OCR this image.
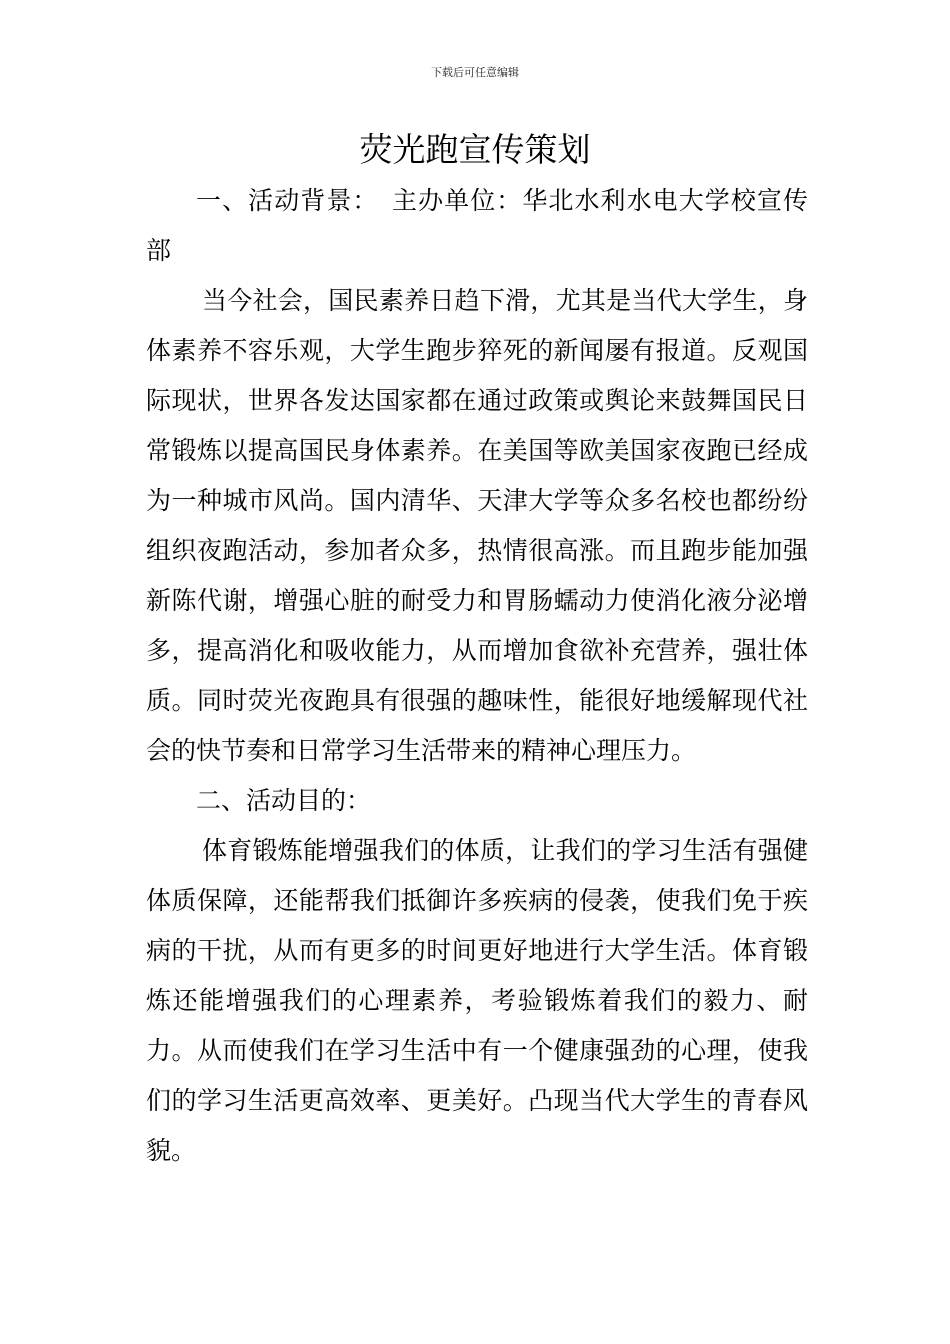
下载后可任意编辑
荧光跑宣传策划

一、活动背景：　主办单位：华北水利水电大学校宣传部

当今社会，国民素养日趋下滑，尤其是当代大学生，身体素养不容乐观，大学生跑步猝死的新闻屡有报道。反观国际现状，世界各发达国家都在通过政策或舆论来鼓舞国民日常锻炼以提高国民身体素养。在美国等欧美国家夜跑已经成为一种城市风尚。国内清华、天津大学等众多名校也都纷纷组织夜跑活动，参加者众多，热情很高涨。而且跑步能加强新陈代谢，增强心脏的耐受力和胃肠蠕动力使消化液分泌增多，提高消化和吸收能力，从而增加食欲补充营养，强壮体质。同时荧光夜跑具有很强的趣味性，能很好地缓解现代社会的快节奏和日常学习生活带来的精神心理压力。

二、活动目的：

体育锻炼能增强我们的体质，让我们的学习生活有强健体质保障，还能帮我们抵御许多疾病的侵袭，使我们免于疾病的干扰，从而有更多的时间更好地进行大学生活。体育锻炼还能增强我们的心理素养，考验锻炼着我们的毅力、耐力。从而使我们在学习生活中有一个健康强劲的心理，使我们的学习生活更高效率、更美好。凸现当代大学生的青春风貌。
